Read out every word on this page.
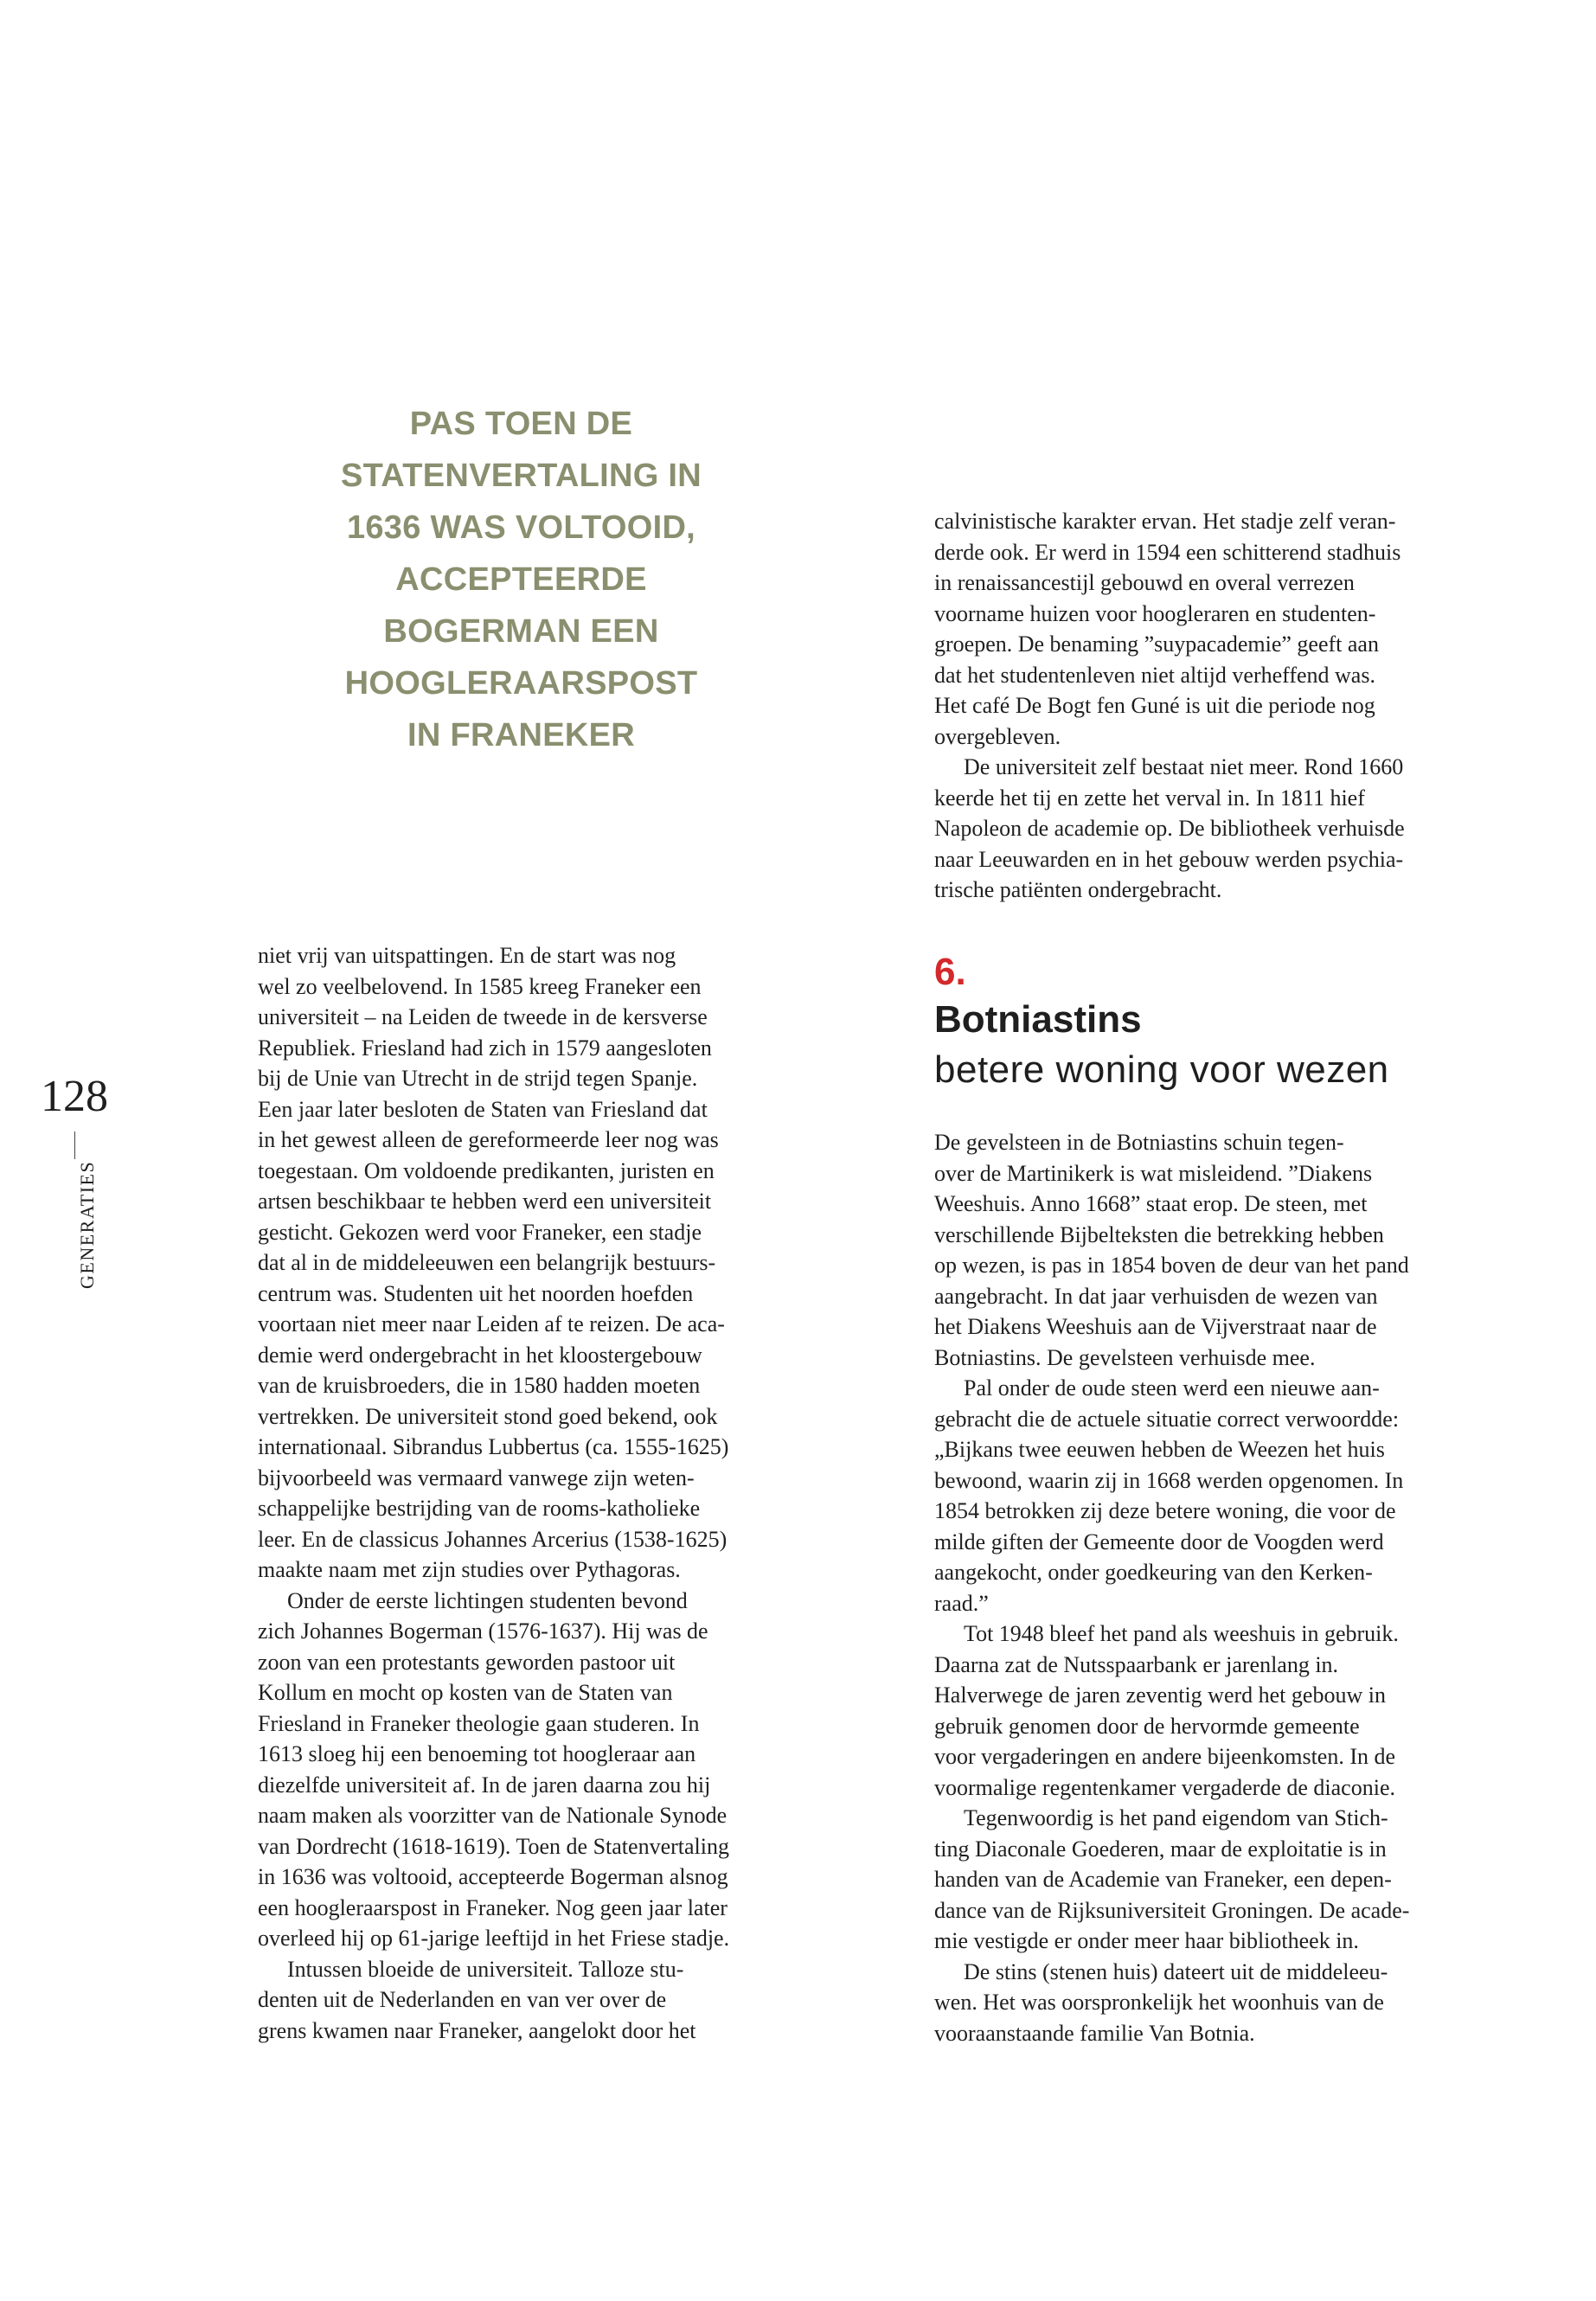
128
GENERATIES
PAS TOEN DE
STATENVERTALING IN
1636 WAS VOLTOOID,
ACCEPTEERDE
BOGERMAN EEN
HOOGLERAARSPOST
IN FRANEKER
niet vrij van uitspattingen. En de start was nog
wel zo veelbelovend. In 1585 kreeg Franeker een
universiteit – na Leiden de tweede in de kersverse
Republiek. Friesland had zich in 1579 aangesloten
bij de Unie van Utrecht in de strijd tegen Spanje.
Een jaar later besloten de Staten van Friesland dat
in het gewest alleen de gereformeerde leer nog was
toegestaan. Om voldoende predikanten, juristen en
artsen beschikbaar te hebben werd een universiteit
gesticht. Gekozen werd voor Franeker, een stadje
dat al in de middeleeuwen een belangrijk bestuurs-
centrum was. Studenten uit het noorden hoefden
voortaan niet meer naar Leiden af te reizen. De aca-
demie werd ondergebracht in het kloostergebouw
van de kruisbroeders, die in 1580 hadden moeten
vertrekken. De universiteit stond goed bekend, ook
internationaal. Sibrandus Lubbertus (ca. 1555-1625)
bijvoorbeeld was vermaard vanwege zijn weten-
schappelijke bestrijding van de rooms-katholieke
leer. En de classicus Johannes Arcerius (1538-1625)
maakte naam met zijn studies over Pythagoras.
Onder de eerste lichtingen studenten bevond
zich Johannes Bogerman (1576-1637). Hij was de
zoon van een protestants geworden pastoor uit
Kollum en mocht op kosten van de Staten van
Friesland in Franeker theologie gaan studeren. In
1613 sloeg hij een benoeming tot hoogleraar aan
diezelfde universiteit af. In de jaren daarna zou hij
naam maken als voorzitter van de Nationale Synode
van Dordrecht (1618-1619). Toen de Statenvertaling
in 1636 was voltooid, accepteerde Bogerman alsnog
een hoogleraarspost in Franeker. Nog geen jaar later
overleed hij op 61-jarige leeftijd in het Friese stadje.
Intussen bloeide de universiteit. Talloze stu-
denten uit de Nederlanden en van ver over de
grens kwamen naar Franeker, aangelokt door het
calvinistische karakter ervan. Het stadje zelf veran-
derde ook. Er werd in 1594 een schitterend stadhuis
in renaissancestijl gebouwd en overal verrezen
voorname huizen voor hoogleraren en studenten-
groepen. De benaming ”suypacademie” geeft aan
dat het studentenleven niet altijd verheffend was.
Het café De Bogt fen Guné is uit die periode nog
overgebleven.
De universiteit zelf bestaat niet meer. Rond 1660
keerde het tij en zette het verval in. In 1811 hief
Napoleon de academie op. De bibliotheek verhuisde
naar Leeuwarden en in het gebouw werden psychia-
trische patiënten ondergebracht.
6.
Botniastins
betere woning voor wezen
De gevelsteen in de Botniastins schuin tegen-
over de Martinikerk is wat misleidend. ”Diakens
Weeshuis. Anno 1668” staat erop. De steen, met
verschillende Bijbelteksten die betrekking hebben
op wezen, is pas in 1854 boven de deur van het pand
aangebracht. In dat jaar verhuisden de wezen van
het Diakens Weeshuis aan de Vijverstraat naar de
Botniastins. De gevelsteen verhuisde mee.
Pal onder de oude steen werd een nieuwe aan-
gebracht die de actuele situatie correct verwoordde:
„Bijkans twee eeuwen hebben de Weezen het huis
bewoond, waarin zij in 1668 werden opgenomen. In
1854 betrokken zij deze betere woning, die voor de
milde giften der Gemeente door de Voogden werd
aangekocht, onder goedkeuring van den Kerken-
raad.”
Tot 1948 bleef het pand als weeshuis in gebruik.
Daarna zat de Nutsspaarbank er jarenlang in.
Halverwege de jaren zeventig werd het gebouw in
gebruik genomen door de hervormde gemeente
voor vergaderingen en andere bijeenkomsten. In de
voormalige regentenkamer vergaderde de diaconie.
Tegenwoordig is het pand eigendom van Stich-
ting Diaconale Goederen, maar de exploitatie is in
handen van de Academie van Franeker, een depen-
dance van de Rijksuniversiteit Groningen. De acade-
mie vestigde er onder meer haar bibliotheek in.
De stins (stenen huis) dateert uit de middeleeu-
wen. Het was oorspronkelijk het woonhuis van de
vooraanstaande familie Van Botnia.
